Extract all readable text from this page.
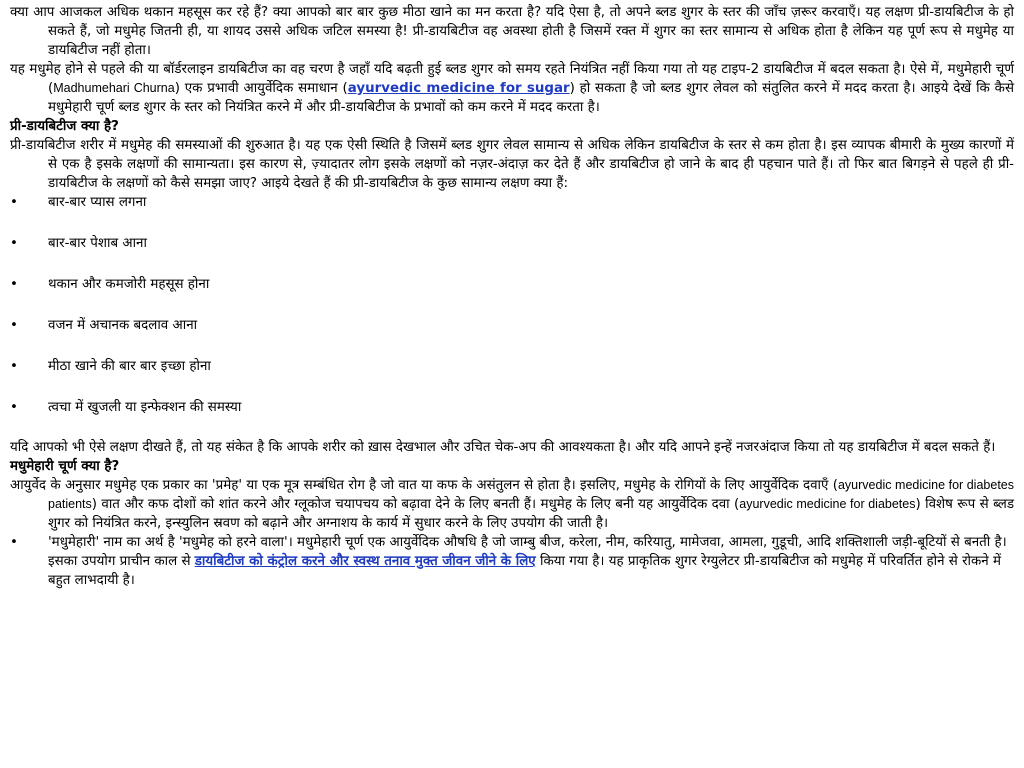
क्या आप आजकल अधिक थकान महसूस कर रहे हैं? क्या आपको बार बार कुछ मीठा खाने का मन करता है? यदि ऐसा है, तो अपने ब्लड शुगर के स्तर की जाँच ज़रूर करवाएँ। यह लक्षण प्री-डायबिटीज के हो सकते हैं, जो मधुमेह जितनी ही, या शायद उससे अधिक जटिल समस्या है! प्री-डायबिटीज वह अवस्था होती है जिसमें रक्त में शुगर का स्तर सामान्य से अधिक होता है लेकिन यह पूर्ण रूप से मधुमेह या डायबिटीज नहीं होता।

यह मधुमेह होने से पहले की या बॉर्डरलाइन डायबिटीज का वह चरण है जहाँ यदि बढ़ती हुई ब्लड शुगर को समय रहते नियंत्रित नहीं किया गया तो यह टाइप-2 डायबिटीज में बदल सकता है। ऐसे में, मधुमेहारी चूर्ण (Madhumehari Churna) एक प्रभावी आयुर्वेदिक समाधान (ayurvedic medicine for sugar) हो सकता है जो ब्लड शुगर लेवल को संतुलित करने में मदद करता है। आइये देखें कि कैसे मधुमेहारी चूर्ण ब्लड शुगर के स्तर को नियंत्रित करने में और प्री-डायबिटीज के प्रभावों को कम करने में मदद करता है।

प्री-डायबिटीज क्या है?

प्री-डायबिटीज शरीर में मधुमेह की समस्याओं की शुरुआत है। यह एक ऐसी स्थिति है जिसमें ब्लड शुगर लेवल सामान्य से अधिक लेकिन डायबिटीज के स्तर से कम होता है। इस व्यापक बीमारी के मुख्य कारणों में से एक है इसके लक्षणों की सामान्यता। इस कारण से, ज़्यादातर लोग इसके लक्षणों को नज़र-अंदाज़ कर देते हैं और डायबिटीज हो जाने के बाद ही पहचान पाते हैं। तो फिर बात बिगड़ने से पहले ही प्री-डायबिटीज के लक्षणों को कैसे समझा जाए? आइये देखते हैं की प्री-डायबिटीज के कुछ सामान्य लक्षण क्या हैं:

• बार-बार प्यास लगना
• बार-बार पेशाब आना
• थकान और कमजोरी महसूस होना
• वजन में अचानक बदलाव आना
• मीठा खाने की बार बार इच्छा होना
• त्वचा में खुजली या इन्फेक्शन की समस्या

यदि आपको भी ऐसे लक्षण दीखते हैं, तो यह संकेत है कि आपके शरीर को ख़ास देखभाल और उचित चेक-अप की आवश्यकता है। और यदि आपने इन्हें नजरअंदाज किया तो यह डायबिटीज में बदल सकते हैं।

मधुमेहारी चूर्ण क्या है?

आयुर्वेद के अनुसार मधुमेह एक प्रकार का 'प्रमेह' या एक मूत्र सम्बंधित रोग है जो वात या कफ के असंतुलन से होता है। इसलिए, मधुमेह के रोगियों के लिए आयुर्वेदिक दवाएँ (ayurvedic medicine for diabetes patients) वात और कफ दोशों को शांत करने और ग्लूकोज चयापचय को बढ़ावा देने के लिए बनती हैं। मधुमेह के लिए बनी यह आयुर्वेदिक दवा (ayurvedic medicine for diabetes) विशेष रूप से ब्लड शुगर को नियंत्रित करने, इन्स्युलिन स्रवण को बढ़ाने और अग्नाशय के कार्य में सुधार करने के लिए उपयोग की जाती है।

• 'मधुमेहारी' नाम का अर्थ है 'मधुमेह को हरने वाला'। मधुमेहारी चूर्ण एक आयुर्वेदिक औषधि है जो जाम्बु बीज, करेला, नीम, करियातु, मामेजवा, आमला, गुडूची, आदि शक्तिशाली जड़ी-बूटियों से बनती है। इसका उपयोग प्राचीन काल से डायबिटीज को कंट्रोल करने और स्वस्थ तनाव मुक्त जीवन जीने के लिए किया गया है। यह प्राकृतिक शुगर रेग्युलेटर प्री-डायबिटीज को मधुमेह में परिवर्तित होने से रोकने में बहुत लाभदायी है।
